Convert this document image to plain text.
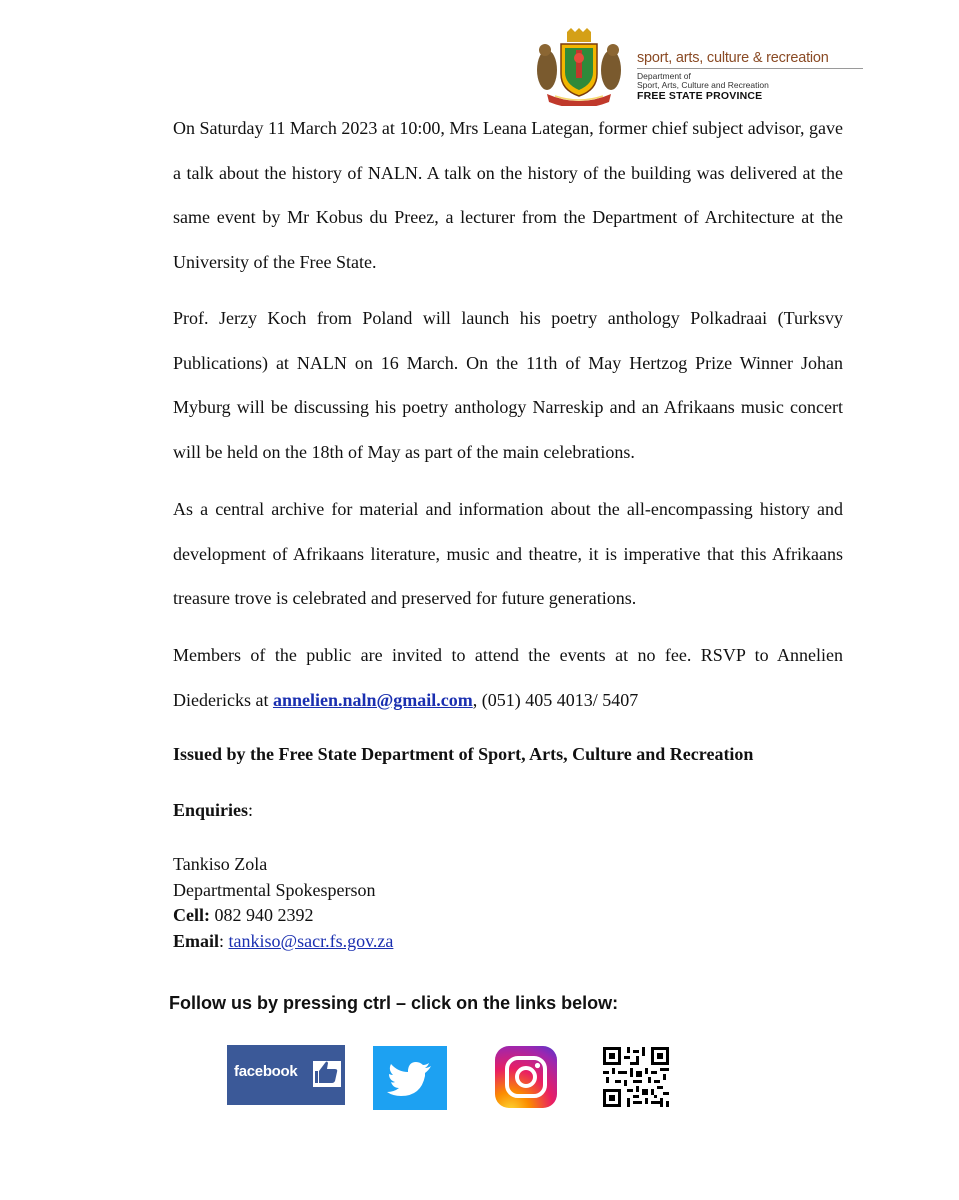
sport, arts, culture & recreation
Department of
Sport, Arts, Culture and Recreation
FREE STATE PROVINCE
On Saturday 11 March 2023 at 10:00, Mrs Leana Lategan, former chief subject advisor, gave a talk about the history of NALN. A talk on the history of the building was delivered at the same event by Mr Kobus du Preez, a lecturer from the Department of Architecture at the University of the Free State.
Prof. Jerzy Koch from Poland will launch his poetry anthology Polkadraai (Turksvy Publications) at NALN on 16 March. On the 11th of May Hertzog Prize Winner Johan Myburg will be discussing his poetry anthology Narreskip and an Afrikaans music concert will be held on the 18th of May as part of the main celebrations.
As a central archive for material and information about the all-encompassing history and development of Afrikaans literature, music and theatre, it is imperative that this Afrikaans treasure trove is celebrated and preserved for future generations.
Members of the public are invited to attend the events at no fee. RSVP to Annelien Diedericks at annelien.naln@gmail.com, (051) 405 4013/ 5407
Issued by the Free State Department of Sport, Arts, Culture and Recreation
Enquiries:
Tankiso Zola
Departmental Spokesperson
Cell: 082 940 2392
Email: tankiso@sacr.fs.gov.za
Follow us by pressing ctrl – click on the links below:
facebook
